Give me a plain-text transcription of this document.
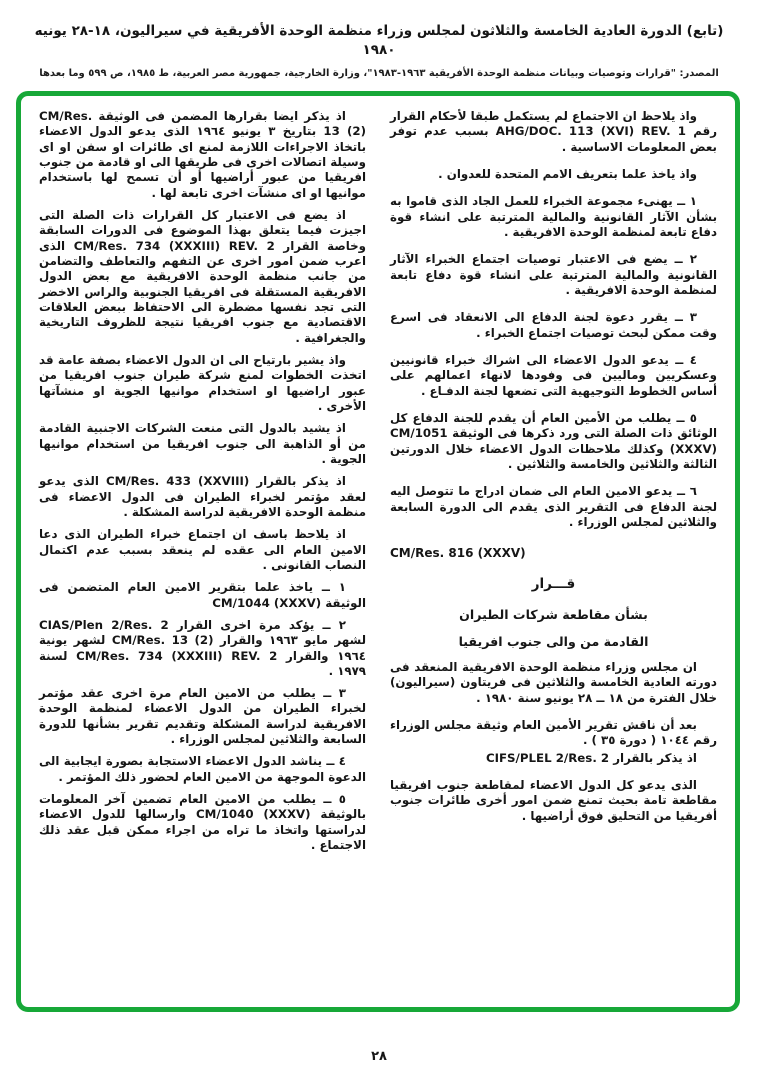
(تابع) الدورة العادية الخامسة والثلاثون لمجلس وزراء منظمة الوحدة الأفريقية في سيراليون، ١٨-٢٨ يونيه ١٩٨٠
المصدر: "قرارات وتوصيات وبيانات منظمة الوحدة الأفريقية ١٩٦٣-١٩٨٣"، وزارة الخارجية، جمهورية مصر العربية، ط ١٩٨٥، ص ٥٩٩ وما بعدها

واذ يلاحظ ان الاجتماع لم يستكمل طبقا لأحكام القرار رقم AHG/DOC. 113 (XVI) REV. 1 بسبب عدم توفر بعض المعلومات الاساسية .

واذ ياخذ علما بتعريف الامم المتحدة للعدوان .

١ ــ يهنىء مجموعة الخبراء للعمل الجاد الذى قاموا به بشأن الآثار القانونية والمالية المترتبة على انشاء قوة دفاع تابعة لمنظمة الوحدة الافريقية .

٢ ــ يضع فى الاعتبار توصيات اجتماع الخبراء الآثار القانونية والمالية المترتبة على انشاء قوة دفاع تابعة لمنظمة الوحدة الافريقية .

٣ ــ يقرر دعوة لجنة الدفاع الى الانعقاد فى اسرع وقت ممكن لبحث توصيات اجتماع الخبراء .

٤ ــ يدعو الدول الاعضاء الى اشراك خبراء قانونيين وعسكريين وماليين فى وفودها لانهاء اعمالهم على أساس الخطوط التوجيهية التى تضعها لجنة الدفـاع .

٥ ــ يطلب من الأمين العام أن يقدم للجنة الدفاع كل الوثائق ذات الصلة التى ورد ذكرها فى الوثيقة CM/1051 (XXXV) وكذلك ملاحظات الدول الاعضاء خلال الدورتين الثالثة والثلاثين والخامسة والثلاثين .

٦ ــ يدعو الامين العام الى ضمان ادراج ما تتوصل اليه لجنة الدفاع فى التقرير الذى يقدم الى الدورة السابعة والثلاثين لمجلس الوزراء .

CM/Res. 816 (XXXV)

قـــرار

بشأن مقاطعة شركات الطيران

القادمة من والى جنوب افريقيا

ان مجلس وزراء منظمة الوحدة الافريقية المنعقد فى دورته العادية الخامسة والثلاثين فى فريتاون (سيراليون) خلال الفترة من ١٨ ــ ٢٨ يونيو سنة ١٩٨٠ .

بعد أن ناقش تقرير الأمين العام وثيقة مجلس الوزراء رقم ١٠٤٤ ( دورة ٣٥ ) .

اذ يذكر بالقرار CIFS/PLEL 2/Res. 2

الذى يدعو كل الدول الاعضاء لمقاطعة جنوب افريقيا مقاطعة تامة بحيث تمنع ضمن امور أخرى طائرات جنوب أفريقيا من التحليق فوق أراضيها .

اذ يذكر ايضا بقرارها المضمن فى الوثيقة CM/Res. 13 (2) بتاريخ ٣ يونيو ١٩٦٤ الذى يدعو الدول الاعضاء باتخاذ الاجراءات اللازمة لمنع اى طائرات او سفن او اى وسيلة اتصالات اخرى فى طريقها الى او قادمة من جنوب افريقيا من عبور أراضيها أو أن تسمح لها باستخدام موانيها او اى منشآت اخرى تابعة لها .

اذ يضع فى الاعتبار كل القرارات ذات الصلة التى اجيزت فيما يتعلق بهذا الموضوع فى الدورات السابقة وخاصة القرار CM/Res. 734 (XXXIII) REV. 2 الذى اعرب ضمن امور اخرى عن التفهم والتعاطف والتضامن من جانب منظمة الوحدة الافريقية مع بعض الدول الافريقية المستقلة فى افريقيا الجنوبية والراس الاخضر التى تجد نفسها مضطرة الى الاحتفاظ ببعض العلاقات الاقتصادية مع جنوب افريقيا نتيجة للظروف التاريخية والجغرافية .

واذ يشير بارتياح الى ان الدول الاعضاء بصفة عامة قد اتخذت الخطوات لمنع شركة طيران جنوب افريقيا من عبور اراضيها او استخدام موانيها الجوية او منشآتها الأخرى .

اذ يشيد بالدول التى منعت الشركات الاجنبية القادمة من أو الذاهبة الى جنوب افريقيا من استخدام موانيها الجوية .

اذ يذكر بالقرار CM/Res. 433 (XXVIII) الذى يدعو لعقد مؤتمر لخبراء الطيران فى الدول الاعضاء فى منظمة الوحدة الافريقية لدراسة المشكلة .

اذ يلاحظ باسف ان اجتماع خبراء الطيران الذى دعا الامين العام الى عقده لم ينعقد بسبب عدم اكتمال النصاب القانونى .

١ ــ ياخذ علما بتقرير الامين العام المتضمن فى الوثيقة CM/1044 (XXXV)

٢ ــ يؤكد مرة اخرى القرار CIAS/Plen 2/Res. 2 لشهر مايو ١٩٦٣ والقرار CM/Res. 13 (2) لشهر يونية ١٩٦٤ والقرار CM/Res. 734 (XXXIII) REV. 2 لسنة ١٩٧٩ .

٣ ــ يطلب من الامين العام مرة اخرى عقد مؤتمر لخبراء الطيران من الدول الاعضاء لمنظمة الوحدة الافريقية لدراسة المشكلة وتقديم تقرير بشأنها للدورة السابعة والثلاثين لمجلس الوزراء .

٤ ــ يناشد الدول الاعضاء الاستجابة بصورة ايجابية الى الدعوة الموجهة من الامين العام لحضور ذلك المؤتمر .

٥ ــ يطلب من الامين العام تضمين آخر المعلومات بالوثيقة CM/1040 (XXXV) وارسالها للدول الاعضاء لدراستها واتخاذ ما تراه من اجراء ممكن قبل عقد ذلك الاجتماع .

٢٨
